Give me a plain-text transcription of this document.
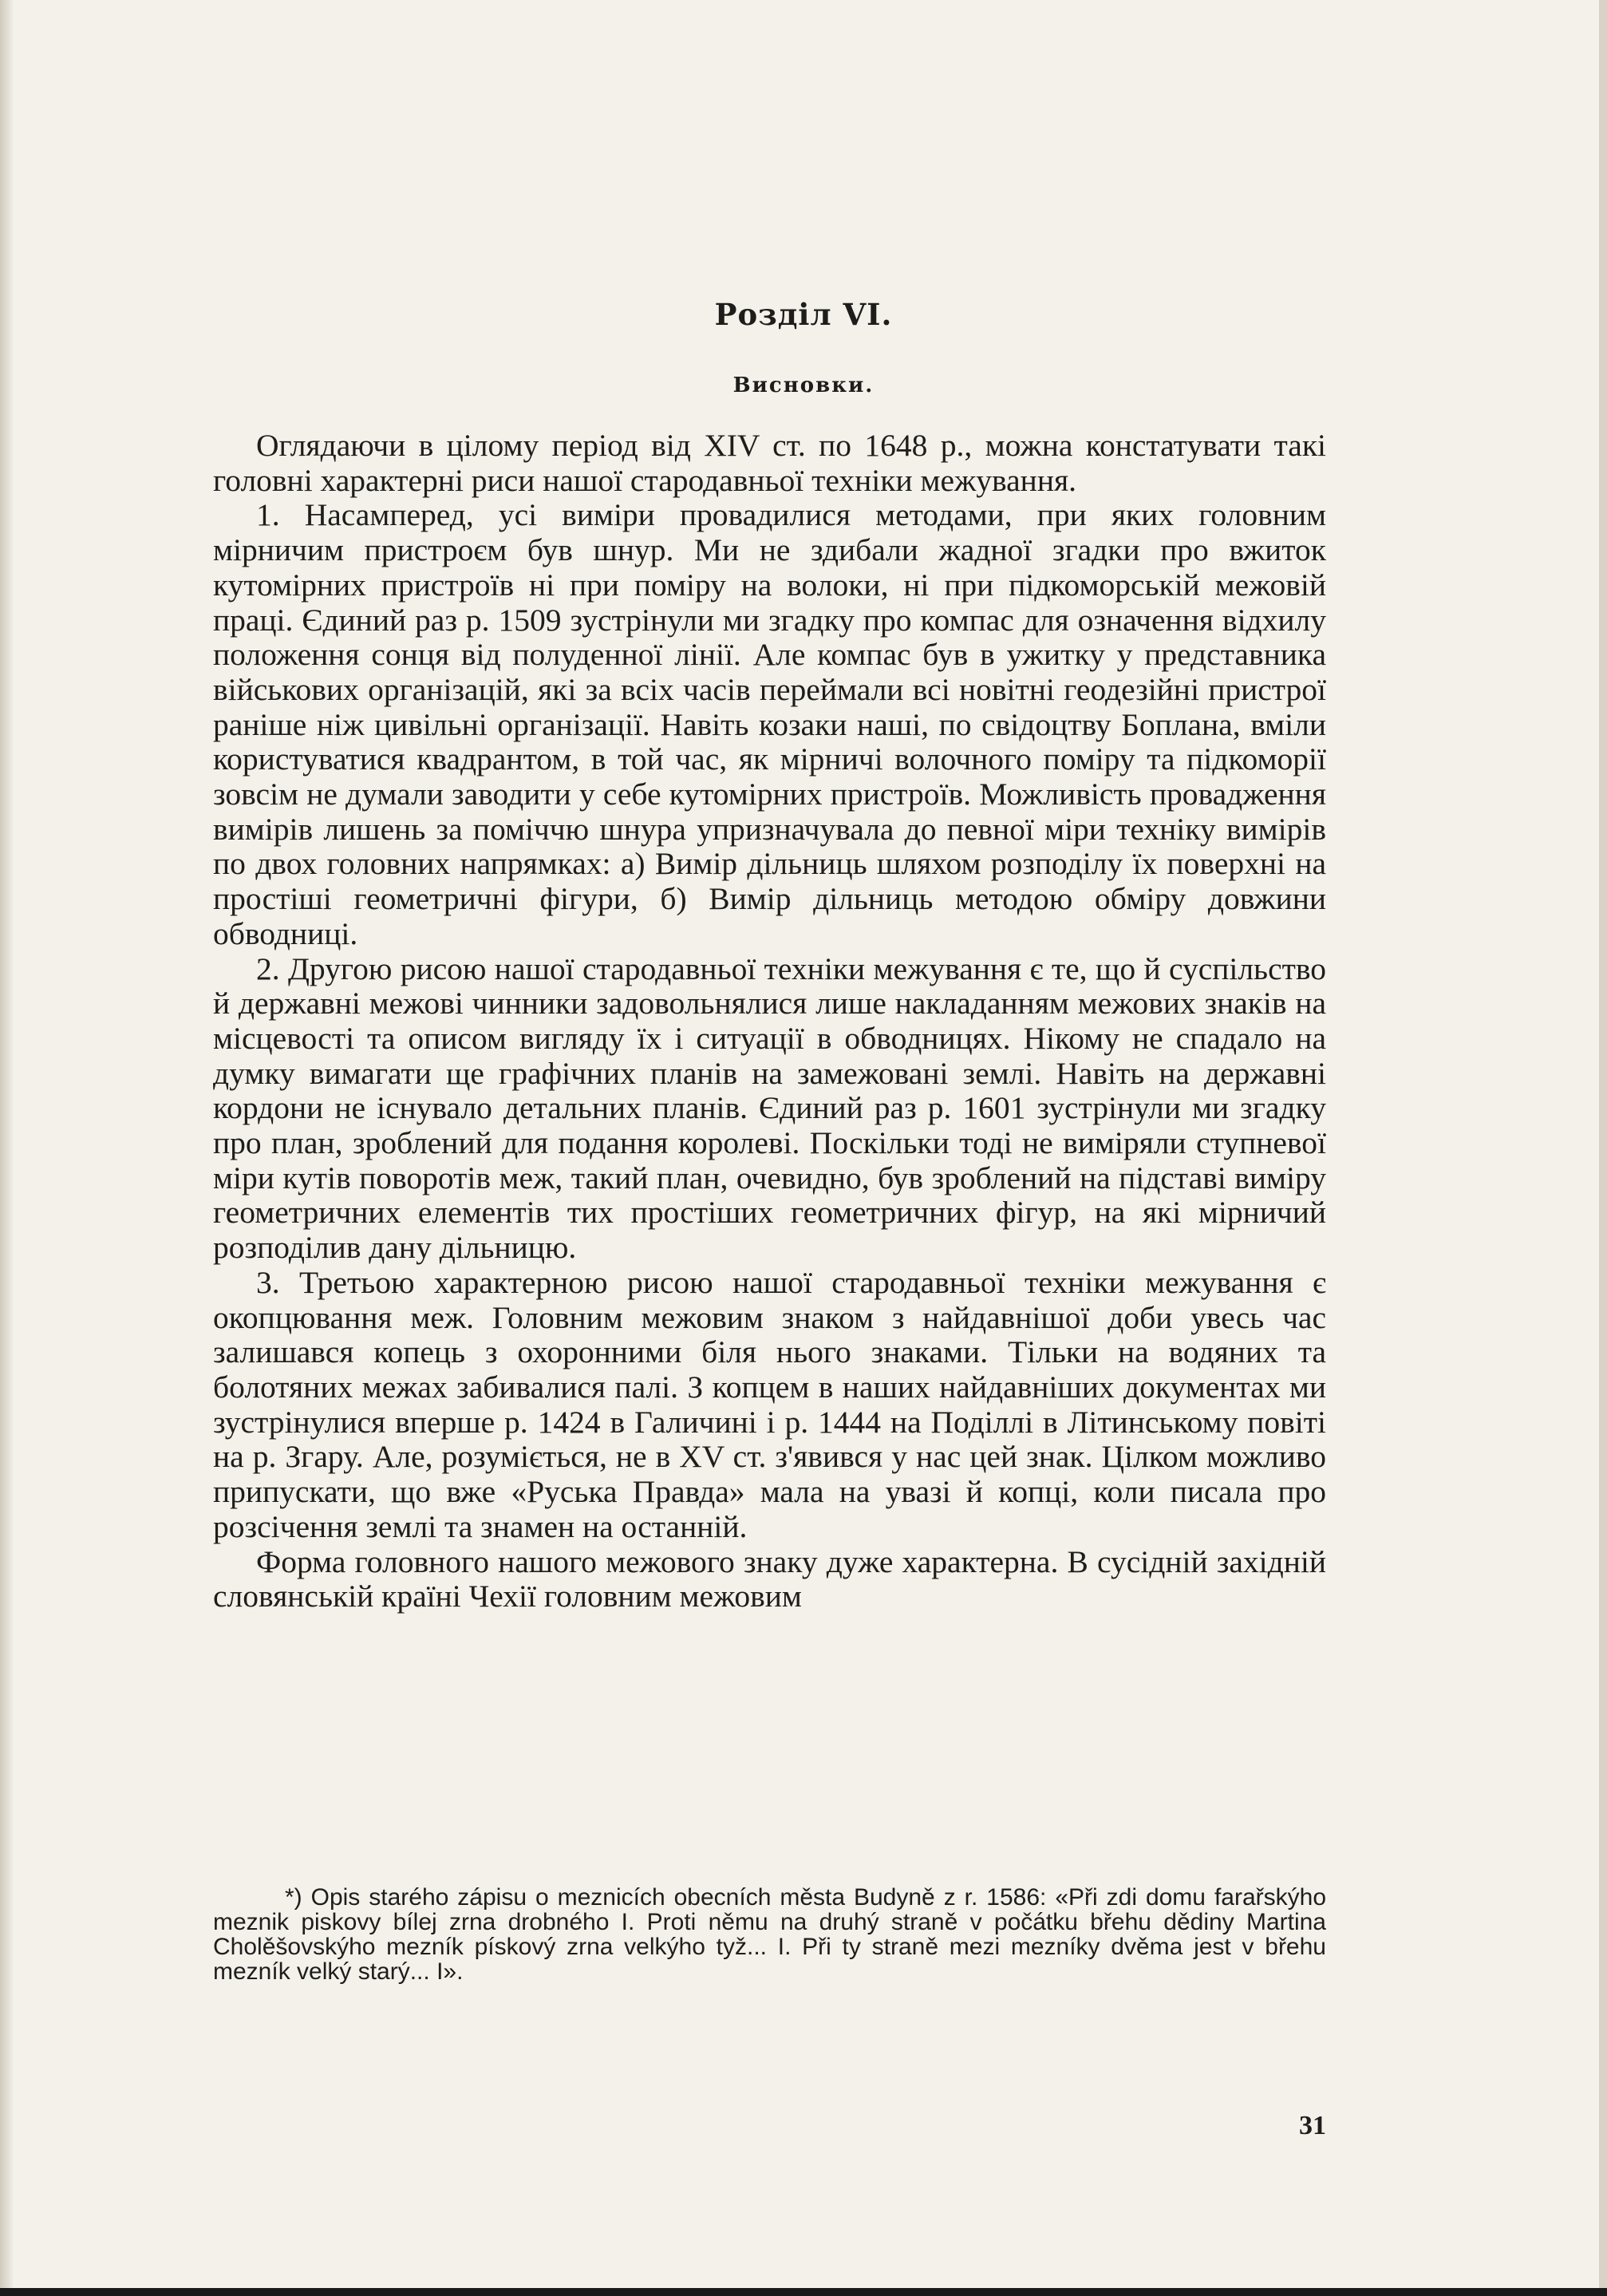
Розділ VI.
Висновки.

Оглядаючи в цілому період від XIV ст. по 1648 р., можна констатувати такі головні характерні риси нашої стародавньої техніки межування.

1. Насамперед, усі виміри провадилися методами, при яких головним мірничим пристроєм був шнур. Ми не здибали жадної згадки про вжиток кутомірних пристроїв ні при поміру на волоки, ні при підкоморській межовій праці. Єдиний раз р. 1509 зустрінули ми згадку про компас для означення відхилу положення сонця від полуденної лінії. Але компас був в ужитку у представника військових організацій, які за всіх часів переймали всі новітні геодезійні пристрої раніше ніж цивільні організації. Навіть козаки наші, по свідоцтву Боплана, вміли користуватися квадрантом, в той час, як мірничі волочного поміру та підкоморії зовсім не думали заводити у себе кутомірних пристроїв. Можливість провадження вимірів лишень за поміччю шнура упризначувала до певної міри техніку вимірів по двох головних напрямках: а) Вимір дільниць шляхом розподілу їх поверхні на простіші геометричні фігури, б) Вимір дільниць методою обміру довжини обводниці.

2. Другою рисою нашої стародавньої техніки межування є те, що й суспільство й державні межові чинники задовольнялися лише накладанням межових знаків на місцевості та описом вигляду їх і ситуації в обводницях. Нікому не спадало на думку вимагати ще графічних планів на замежовані землі. Навіть на державні кордони не існувало детальних планів. Єдиний раз р. 1601 зустрінули ми згадку про план, зроблений для подання королеві. Поскільки тоді не виміряли ступневої міри кутів поворотів меж, такий план, очевидно, був зроблений на підставі виміру геометричних елементів тих простіших геометричних фігур, на які мірничий розподілив дану дільницю.

3. Третьою характерною рисою нашої стародавньої техніки межування є окопцювання меж. Головним межовим знаком з найдавнішої доби увесь час залишався копець з охоронними біля нього знаками. Тільки на водяних та болотяних межах забивалися палі. З копцем в наших найдавніших документах ми зустрінулися вперше р. 1424 в Галичині і р. 1444 на Поділлі в Літинському повіті на р. Згару. Але, розуміється, не в XV ст. з'явився у нас цей знак. Цілком можливо припускати, що вже «Руська Правда» мала на увазі й копці, коли писала про розсічення землі та знамен на останній.

Форма головного нашого межового знаку дуже характерна. В сусідній західній словянській країні Чехії головним межовим

*) Opis starého zápisu o meznicích obecních města Budyně z r. 1586: «Při zdi domu farařskýho meznik piskovy bílej zrna drobného I. Proti němu na druhý straně v počátku břehu dědiny Martina Cholěšovskýho mezník pískový zrna velkýho tyž... I. Při ty straně mezi mezníky dvěma jest v břehu mezník velký starý... I».
31
